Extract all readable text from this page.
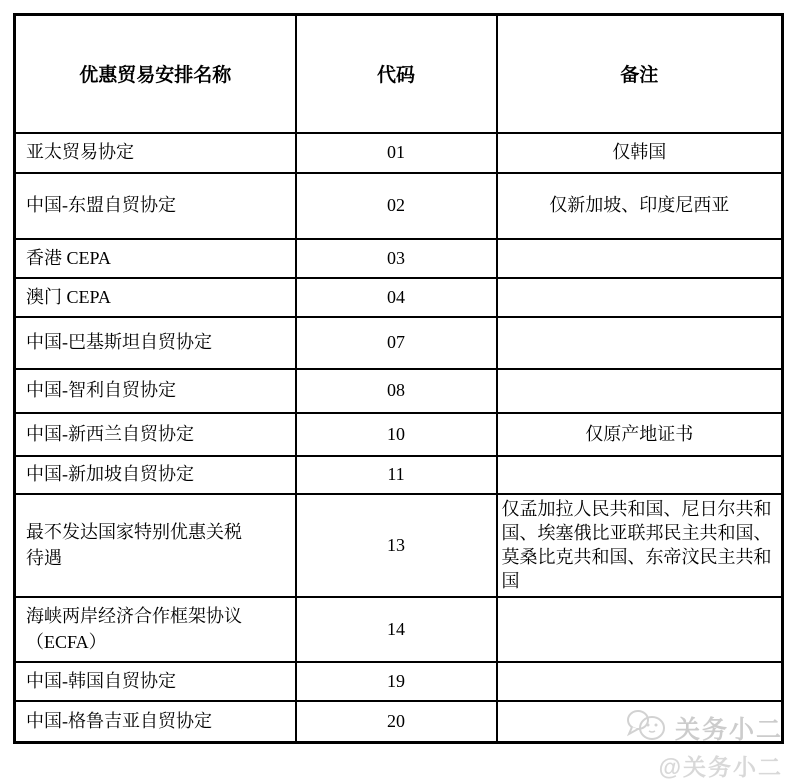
优惠贸易安排名称	代码	备注
亚太贸易协定	01	仅韩国
中国-东盟自贸协定	02	仅新加坡、印度尼西亚
香港 CEPA	03	
澳门 CEPA	04	
中国-巴基斯坦自贸协定	07	
中国-智利自贸协定	08	
中国-新西兰自贸协定	10	仅原产地证书
中国-新加坡自贸协定	11	
最不发达国家特别优惠关税待遇	13	仅孟加拉人民共和国、尼日尔共和国、埃塞俄比亚联邦民主共和国、莫桑比克共和国、东帝汶民主共和国
海峡两岸经济合作框架协议（ECFA）	14	
中国-韩国自贸协定	19	
中国-格鲁吉亚自贸协定	20		关务小二
@关务小二
